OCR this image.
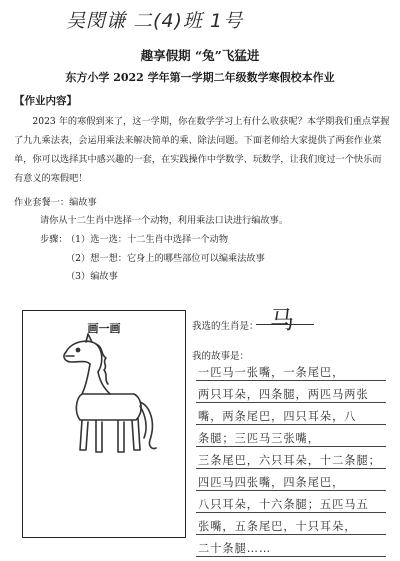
吴閔谦 二(4)班 1号
趣享假期 “兔”飞猛进
东方小学 2022 学年第一学期二年级数学寒假校本作业
【作业内容】
2023 年的寒假到来了，这一学期，你在数学学习上有什么收获呢？本学期我们重点掌握了九九乘法表，会运用乘法来解决简单的乘、除法问题。下面老师给大家提供了两套作业菜单，你可以选择其中感兴趣的一套，在实践操作中学数学、玩数学，让我们度过一个快乐而有意义的寒假吧！
作业套餐一：编故事
请你从十二生肖中选择一个动物，利用乘法口诀进行编故事。
步骤：
（1）选一选：十二生肖中选择一个动物
（2）想一想：它身上的哪些部位可以编乘法故事
（3）编故事
画一画	我选的生肖是： 马
我的故事是：
一匹马一张嘴，一条尾巴，
两只耳朵，四条腿，两匹马两张
嘴，两条尾巴，四只耳朵，八
条腿；三匹马三张嘴，
三条尾巴，六只耳朵，十二条腿；
四匹马四张嘴，四条尾巴，
八只耳朵，十六条腿；五匹马五
张嘴，五条尾巴，十只耳朵，
二十条腿……
